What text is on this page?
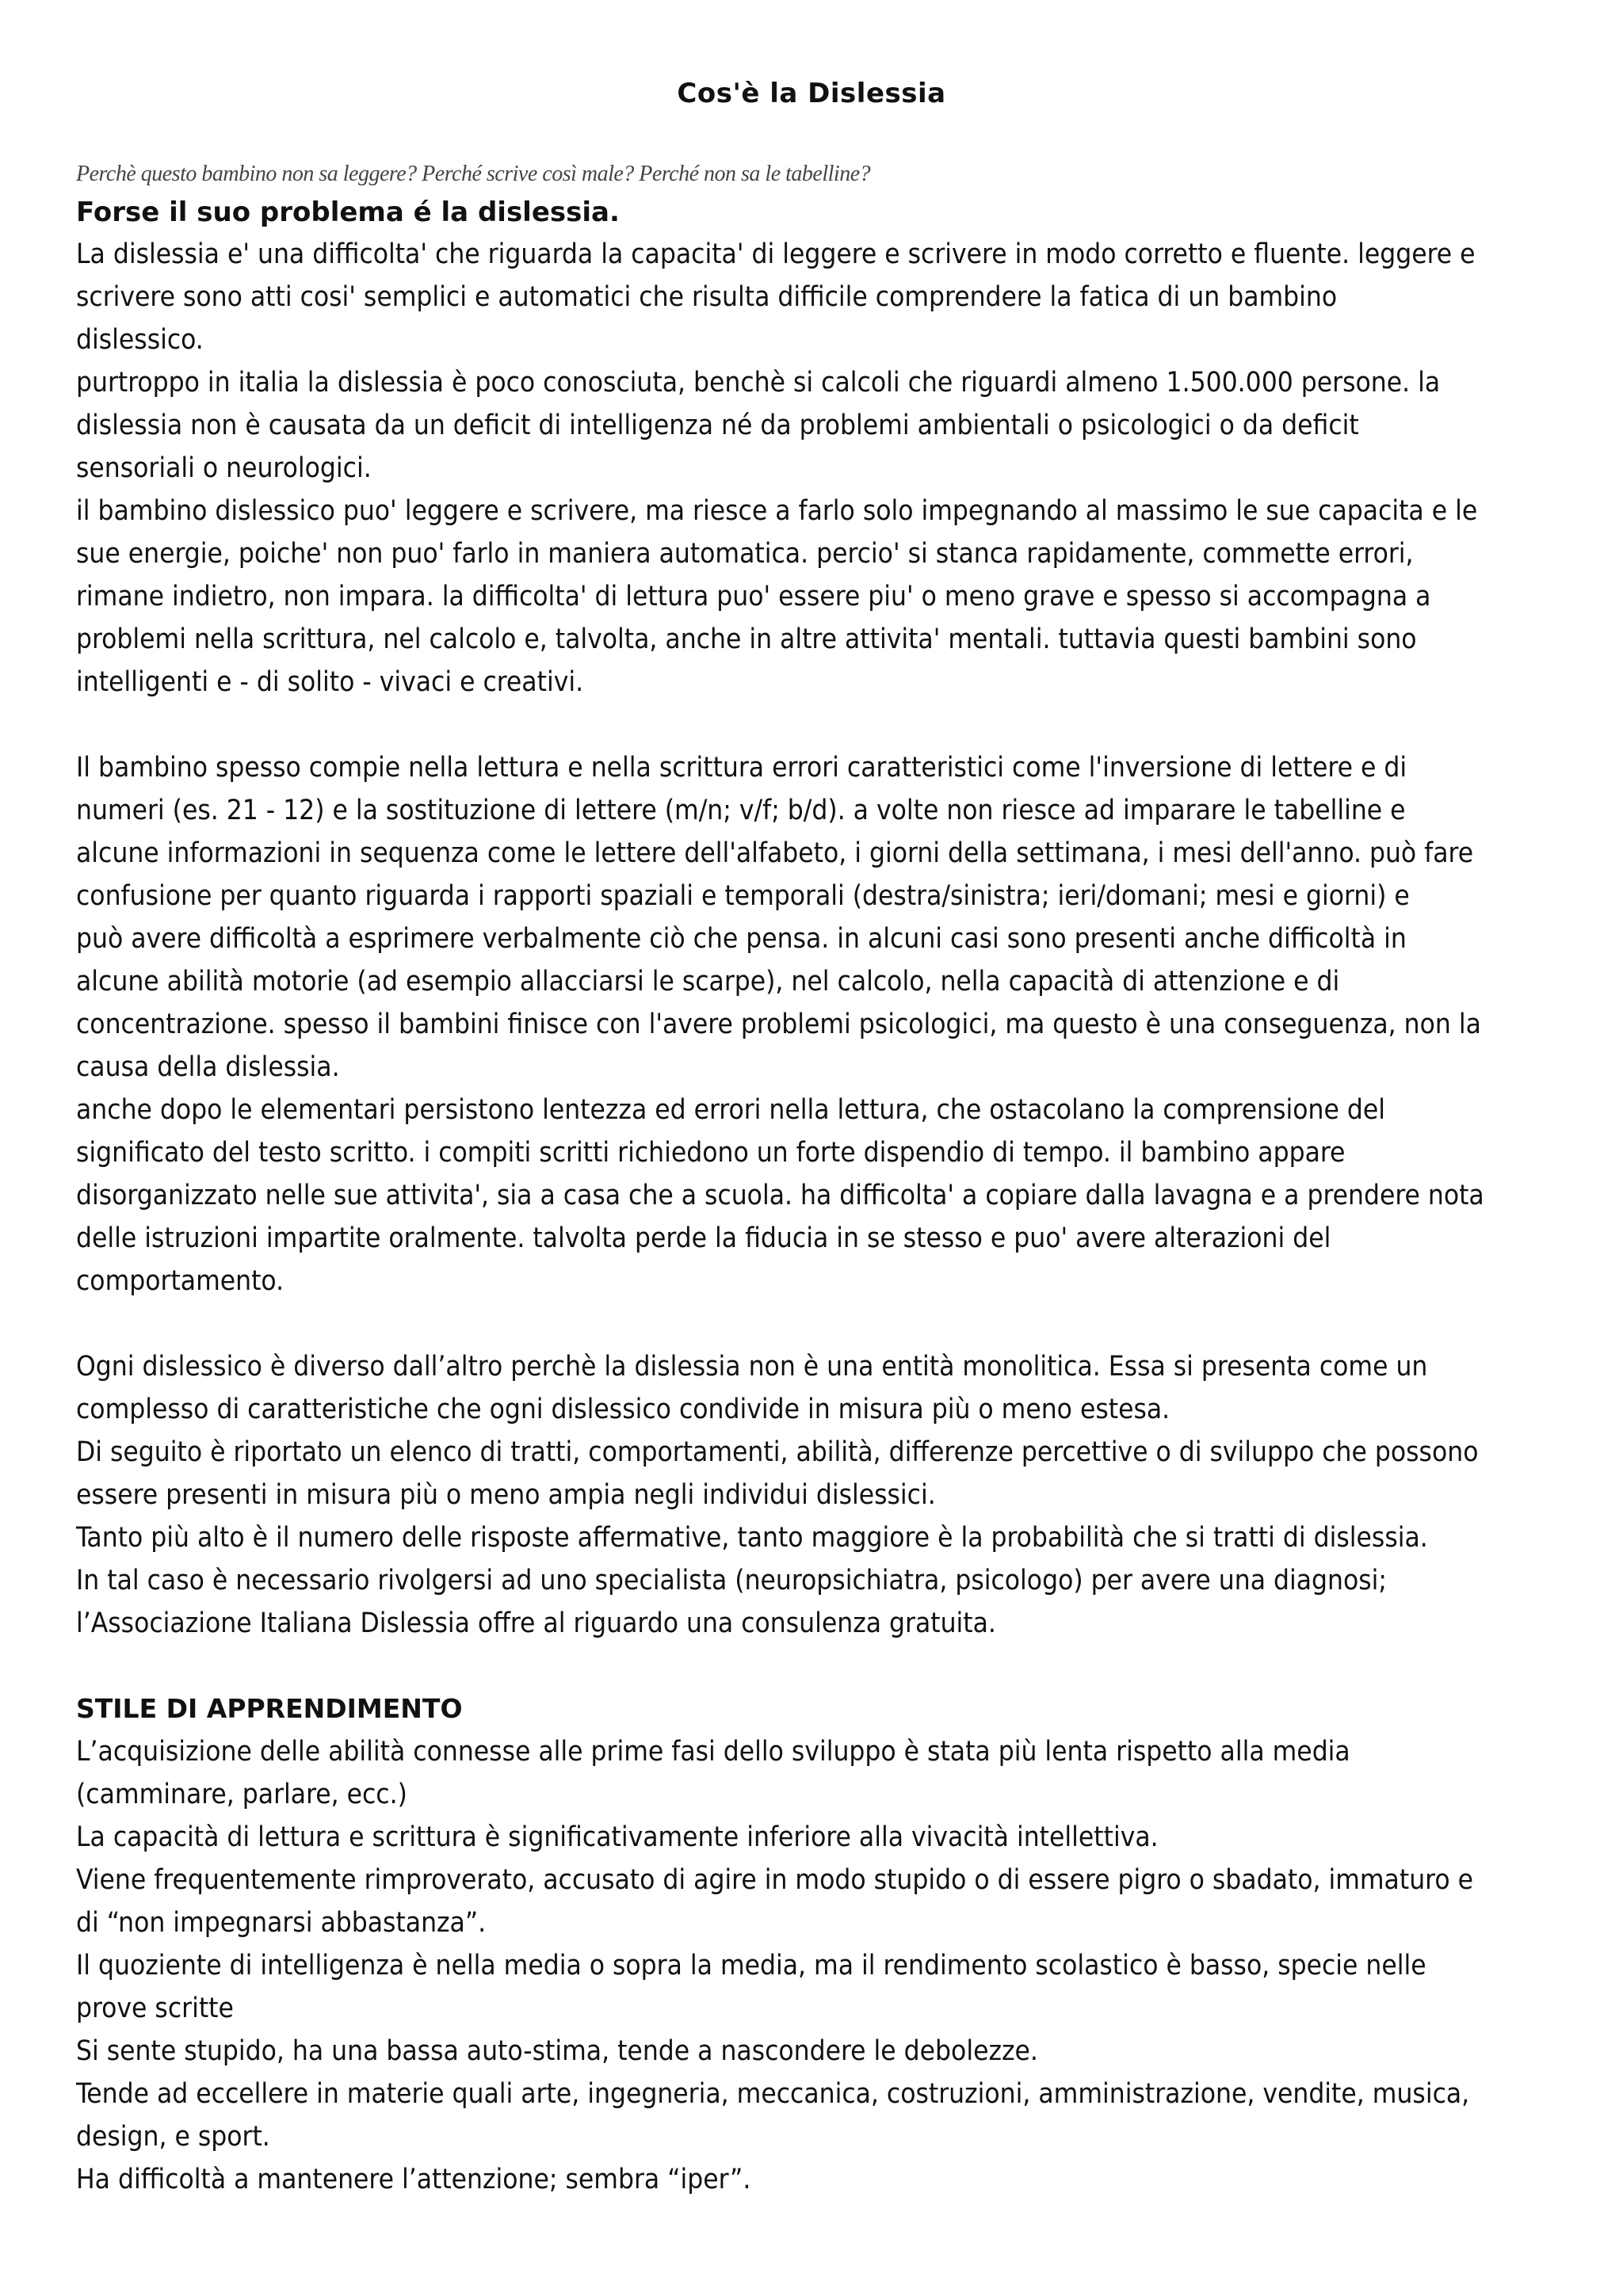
Cos'è la Dislessia

Perchè questo bambino non sa leggere? Perché scrive così male? Perché non sa le tabelline?

Forse il suo problema é la dislessia.

La dislessia e' una difficolta' che riguarda la capacita' di leggere e scrivere in modo corretto e fluente. leggere e
scrivere sono atti cosi' semplici e automatici che risulta difficile comprendere la fatica di un bambino
dislessico.
purtroppo in italia la dislessia è poco conosciuta, benchè si calcoli che riguardi almeno 1.500.000 persone. la
dislessia non è causata da un deficit di intelligenza né da problemi ambientali o psicologici o da deficit
sensoriali o neurologici.
il bambino dislessico puo' leggere e scrivere, ma riesce a farlo solo impegnando al massimo le sue capacita e le
sue energie, poiche' non puo' farlo in maniera automatica. percio' si stanca rapidamente, commette errori,
rimane indietro, non impara. la difficolta' di lettura puo' essere piu' o meno grave e spesso si accompagna a
problemi nella scrittura, nel calcolo e, talvolta, anche in altre attivita' mentali. tuttavia questi bambini sono
intelligenti e - di solito - vivaci e creativi.

Il bambino spesso compie nella lettura e nella scrittura errori caratteristici come l'inversione di lettere e di
numeri (es. 21 - 12) e la sostituzione di lettere (m/n; v/f; b/d). a volte non riesce ad imparare le tabelline e
alcune informazioni in sequenza come le lettere dell'alfabeto, i giorni della settimana, i mesi dell'anno. può fare
confusione per quanto riguarda i rapporti spaziali e temporali (destra/sinistra; ieri/domani; mesi e giorni) e
può avere difficoltà a esprimere verbalmente ciò che pensa. in alcuni casi sono presenti anche difficoltà in
alcune abilità motorie (ad esempio allacciarsi le scarpe), nel calcolo, nella capacità di attenzione e di
concentrazione. spesso il bambini finisce con l'avere problemi psicologici, ma questo è una conseguenza, non la
causa della dislessia.
anche dopo le elementari persistono lentezza ed errori nella lettura, che ostacolano la comprensione del
significato del testo scritto. i compiti scritti richiedono un forte dispendio di tempo. il bambino appare
disorganizzato nelle sue attivita', sia a casa che a scuola. ha difficolta' a copiare dalla lavagna e a prendere nota
delle istruzioni impartite oralmente. talvolta perde la fiducia in se stesso e puo' avere alterazioni del
comportamento.

Ogni dislessico è diverso dall’altro perchè la dislessia non è una entità monolitica. Essa si presenta come un
complesso di caratteristiche che ogni dislessico condivide in misura più o meno estesa.
Di seguito è riportato un elenco di tratti, comportamenti, abilità, differenze percettive o di sviluppo che possono
essere presenti in misura più o meno ampia negli individui dislessici.
Tanto più alto è il numero delle risposte affermative, tanto maggiore è la probabilità che si tratti di dislessia.
In tal caso è necessario rivolgersi ad uno specialista (neuropsichiatra, psicologo) per avere una diagnosi;
l’Associazione Italiana Dislessia offre al riguardo una consulenza gratuita.

STILE DI APPRENDIMENTO

L’acquisizione delle abilità connesse alle prime fasi dello sviluppo è stata più lenta rispetto alla media
(camminare, parlare, ecc.)
La capacità di lettura e scrittura è significativamente inferiore alla vivacità intellettiva.
Viene frequentemente rimproverato, accusato di agire in modo stupido o di essere pigro o sbadato, immaturo e
di “non impegnarsi abbastanza”.
Il quoziente di intelligenza è nella media o sopra la media, ma il rendimento scolastico è basso, specie nelle
prove scritte
Si sente stupido, ha una bassa auto-stima, tende a nascondere le debolezze.
Tende ad eccellere in materie quali arte, ingegneria, meccanica, costruzioni, amministrazione, vendite, musica,
design, e sport.
Ha difficoltà a mantenere l’attenzione; sembra “iper”.
